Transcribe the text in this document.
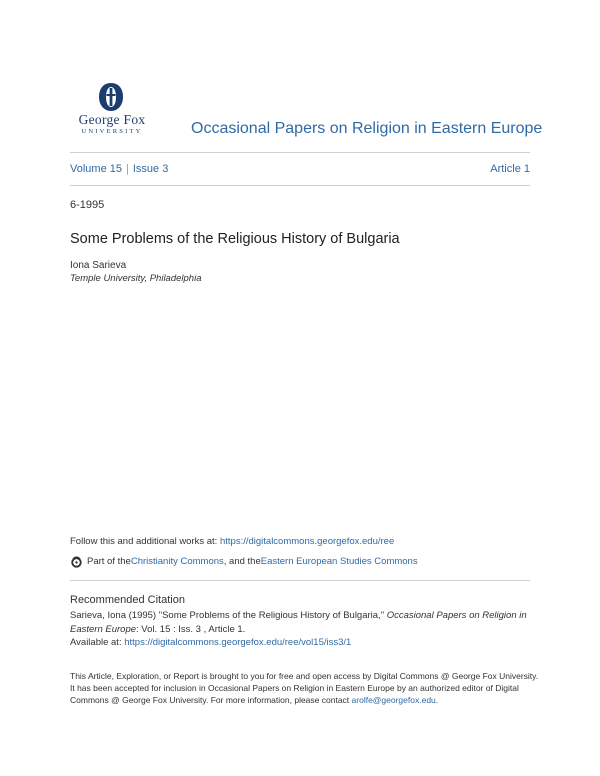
George Fox
UNIVERSITY	Occasional Papers on Religion in Eastern Europe
Volume 15 | Issue 3	Article 1
6-1995
Some Problems of the Religious History of Bulgaria
Iona Sarieva
Temple University, Philadelphia
Follow this and additional works at: https://digitalcommons.georgefox.edu/ree
Part of the Christianity Commons , and the Eastern European Studies Commons
Recommended Citation
Sarieva, Iona (1995) "Some Problems of the Religious History of Bulgaria," Occasional Papers on Religion in Eastern Europe: Vol. 15 : Iss. 3 , Article 1.
Available at: https://digitalcommons.georgefox.edu/ree/vol15/iss3/1
This Article, Exploration, or Report is brought to you for free and open access by Digital Commons @ George Fox University. It has been accepted for inclusion in Occasional Papers on Religion in Eastern Europe by an authorized editor of Digital Commons @ George Fox University. For more information, please contact arolfe@georgefox.edu.
